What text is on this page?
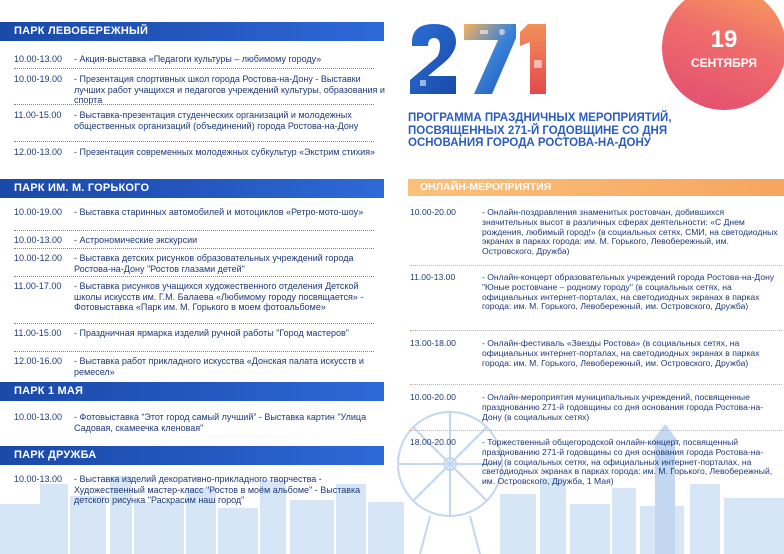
ПАРК ЛЕВОБЕРЕЖНЫЙ
10.00-13.00	- Акция-выставка «Педагоги культуры – любимому городу»
10.00-19.00	- Презентация спортивных школ города Ростова-на-Дону - Выставки лучших работ учащихся и педагогов учреждений культуры, образования и спорта
11.00-15.00	- Выставка-презентация студенческих организаций и молодежных общественных организаций (объединений) города Ростова-на-Дону
12.00-13.00	- Презентация современных молодежных субкультур «Экстрим стихия»
ПАРК ИМ. М. ГОРЬКОГО
10.00-19.00	- Выставка старинных автомобилей и мотоциклов «Ретро-мото-шоу»
10.00-13.00	- Астрономические экскурсии
10.00-12.00	- Выставка детских рисунков образовательных учреждений города Ростова-на-Дону "Ростов глазами детей"
11.00-17.00	- Выставка рисунков учащихся художественного отделения Детской школы искусств им. Г.М. Балаева «Любимому городу посвящается» - Фотовыставка «Парк им. М. Горького в моем фотоальбоме»
11.00-15.00	- Праздничная ярмарка изделий ручной работы "Город мастеров"
12.00-16.00	- Выставка работ прикладного искусства «Донская палата искусств и ремесел»
ПАРК 1 МАЯ
10.00-13.00	- Фотовыставка “Этот город самый лучший” - Выставка картин "Улица Садовая, скамеечка кленовая"
ПАРК ДРУЖБА
10.00-13.00	- Выставка изделий декоративно-прикладного творчества - Художественный мастер-класс "Ростов в моём альбоме" - Выставка детского рисунка "Раскрасим наш город"
19
СЕНТЯБРЯ
ПРОГРАММА ПРАЗДНИЧНЫХ МЕРОПРИЯТИЙ,
ПОСВЯЩЕННЫХ 271-Й ГОДОВЩИНЕ СО ДНЯ
ОСНОВАНИЯ ГОРОДА РОСТОВА-НА-ДОНУ
ОНЛАЙН-МЕРОПРИЯТИЯ
10.00-20.00	- Онлайн-поздравления знаменитых ростовчан, добившихся значительных высот в различных сферах деятельности: «С Днем рождения, любимый город!» (в социальных сетях, СМИ, на светодиодных экранах в парках города: им. М. Горького, Левобережный, им. Островского, Дружба)
11.00-13.00	- Онлайн-концерт образовательных учреждений города Ростова-на-Дону "Юные ростовчане – родному городу" (в социальных сетях, на официальных интернет-порталах, на светодиодных экранах в парках города: им. М. Горького, Левобережный, им. Островского, Дружба)
13.00-18.00	- Онлайн-фестиваль «Звезды Ростова» (в социальных сетях, на официальных интернет-порталах, на светодиодных экранах в парках города: им. М. Горького, Левобережный, им. Островского, Дружба)
10.00-20.00	- Онлайн-мероприятия муниципальных учреждений, посвященные празднованию 271-й годовщины со дня основания города Ростова-на-Дону (в социальных сетях)
18.00-20.00	- Торжественный общегородской онлайн-концерт, посвященный празднованию 271-й годовщины со дня основания города Ростова-на-Дону (в социальных сетях, на официальных интернет-порталах, на светодиодных экранах в парках города: им. М. Горького, Левобережный, им. Островского, Дружба, 1 Мая)
